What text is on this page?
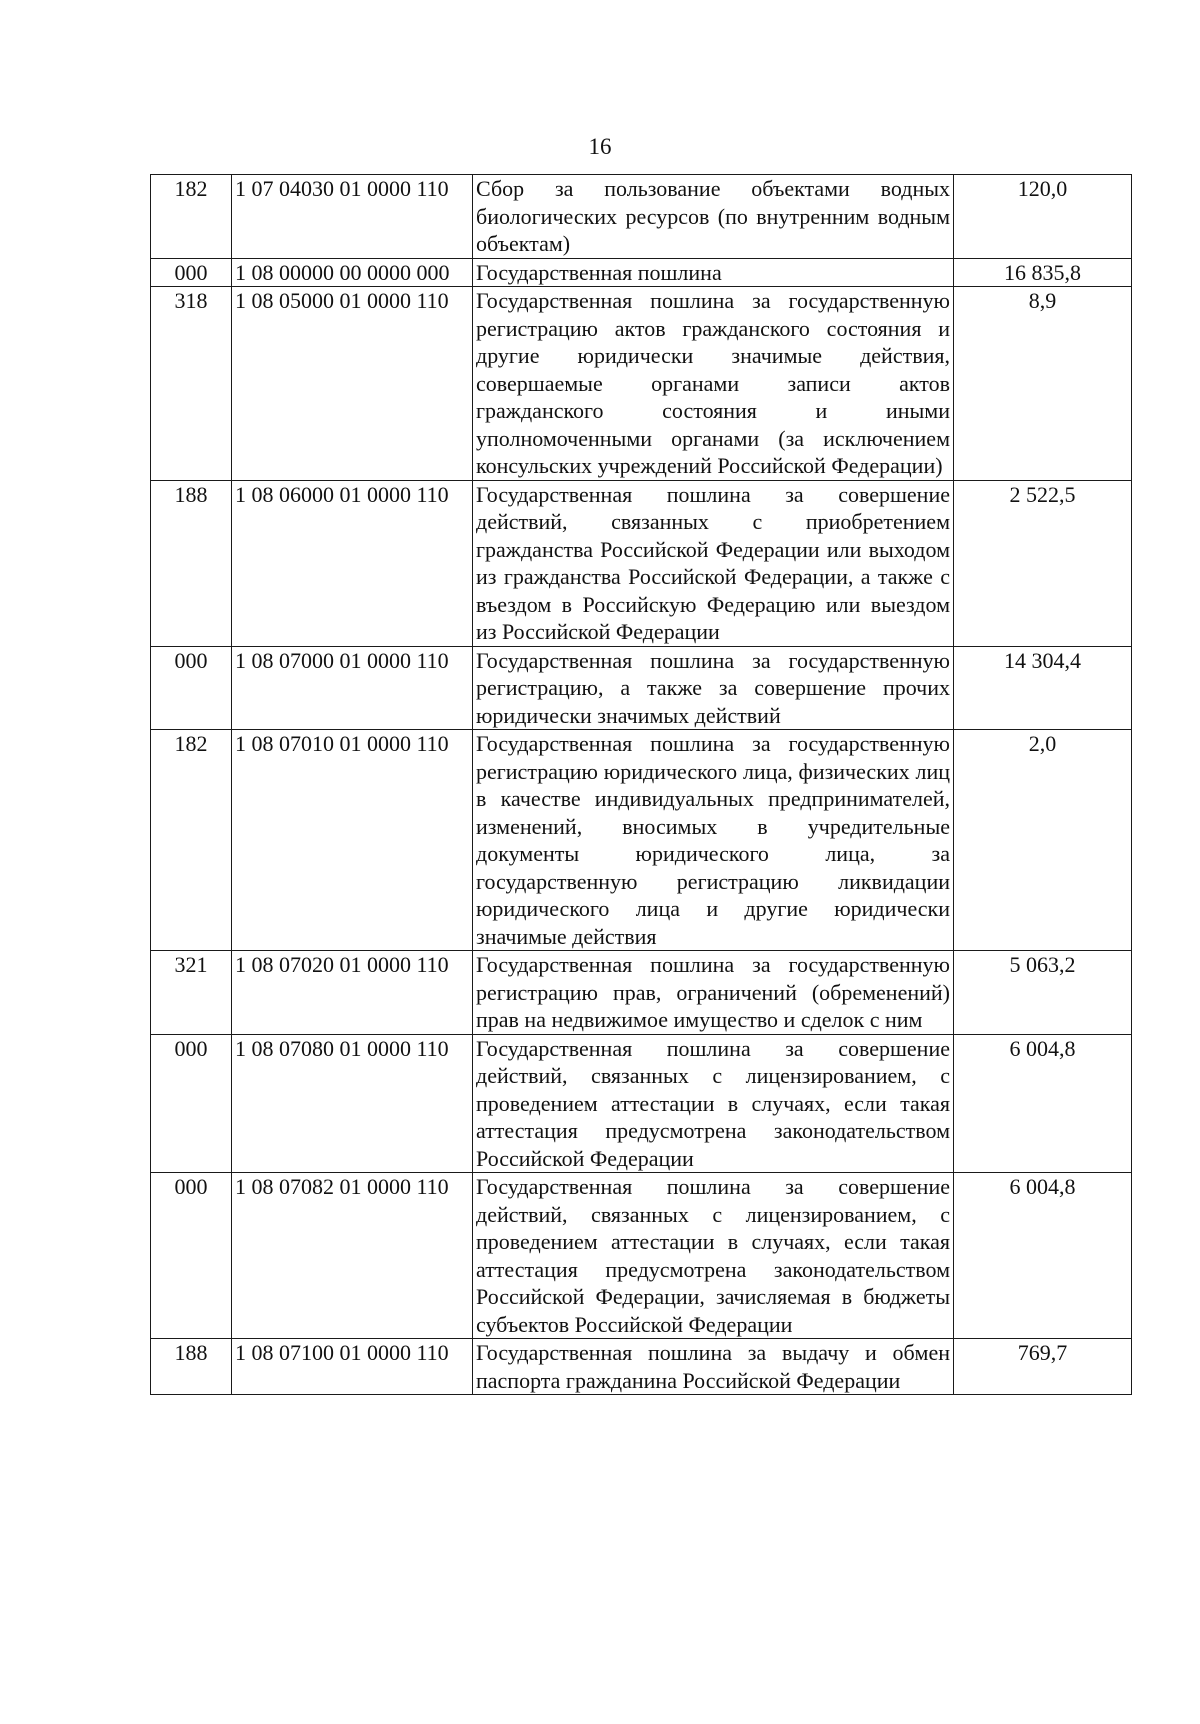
16
182	1 07 04030 01 0000 110	Сбор за пользование объектами водных биологических ресурсов (по внутренним водным объектам)	120,0
000	1 08 00000 00 0000 000	Государственная пошлина	16 835,8
318	1 08 05000 01 0000 110	Государственная пошлина за государственную регистрацию актов гражданского состояния и другие юридически значимые действия, совершаемые органами записи актов гражданского состояния и иными уполномоченными органами (за исключением консульских учреждений Российской Федерации)	8,9
188	1 08 06000 01 0000 110	Государственная пошлина за совершение действий, связанных с приобретением гражданства Российской Федерации или выходом из гражданства Российской Федерации, а также с въездом в Российскую Федерацию или выездом из Российской Федерации	2 522,5
000	1 08 07000 01 0000 110	Государственная пошлина за государственную регистрацию, а также за совершение прочих юридически значимых действий	14 304,4
182	1 08 07010 01 0000 110	Государственная пошлина за государственную регистрацию юридического лица, физических лиц в качестве индивидуальных предпринимателей, изменений, вносимых в учредительные документы юридического лица, за государственную регистрацию ликвидации юридического лица и другие юридически значимые действия	2,0
321	1 08 07020 01 0000 110	Государственная пошлина за государственную регистрацию прав, ограничений (обременений) прав на недвижимое имущество и сделок с ним	5 063,2
000	1 08 07080 01 0000 110	Государственная пошлина за совершение действий, связанных с лицензированием, с проведением аттестации в случаях, если такая аттестация предусмотрена законодательством Российской Федерации	6 004,8
000	1 08 07082 01 0000 110	Государственная пошлина за совершение действий, связанных с лицензированием, с проведением аттестации в случаях, если такая аттестация предусмотрена законодательством Российской Федерации, зачисляемая в бюджеты субъектов Российской Федерации	6 004,8
188	1 08 07100 01 0000 110	Государственная пошлина за выдачу и обмен паспорта гражданина Российской Федерации	769,7
